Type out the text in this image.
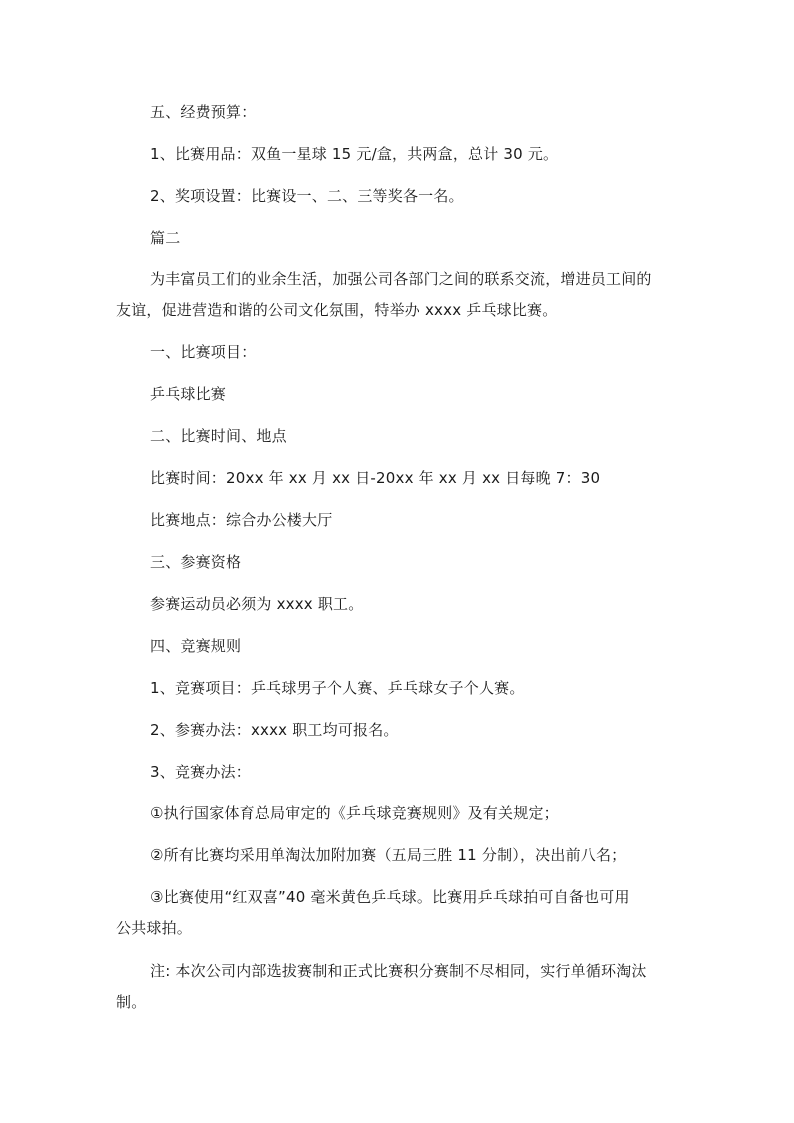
五、经费预算：
1、比赛用品：双鱼一星球 15 元/盒，共两盒，总计 30 元。
2、奖项设置：比赛设一、二、三等奖各一名。
篇二
为丰富员工们的业余生活，加强公司各部门之间的联系交流，增进员工间的
友谊，促进营造和谐的公司文化氛围，特举办 xxxx 乒乓球比赛。
一、比赛项目：
乒乓球比赛
二、比赛时间、地点
比赛时间：20xx 年 xx 月 xx 日-20xx 年 xx 月 xx 日每晚 7：30
比赛地点：综合办公楼大厅
三、参赛资格
参赛运动员必须为 xxxx 职工。
四、竞赛规则
1、竞赛项目：乒乓球男子个人赛、乒乓球女子个人赛。
2、参赛办法：xxxx 职工均可报名。
3、竞赛办法：
①执行国家体育总局审定的《乒乓球竞赛规则》及有关规定；
②所有比赛均采用单淘汰加附加赛（五局三胜 11 分制），决出前八名；
③比赛使用“红双喜”40 毫米黄色乒乓球。比赛用乒乓球拍可自备也可用
公共球拍。
注: 本次公司内部选拔赛制和正式比赛积分赛制不尽相同，实行单循环淘汰
制。
